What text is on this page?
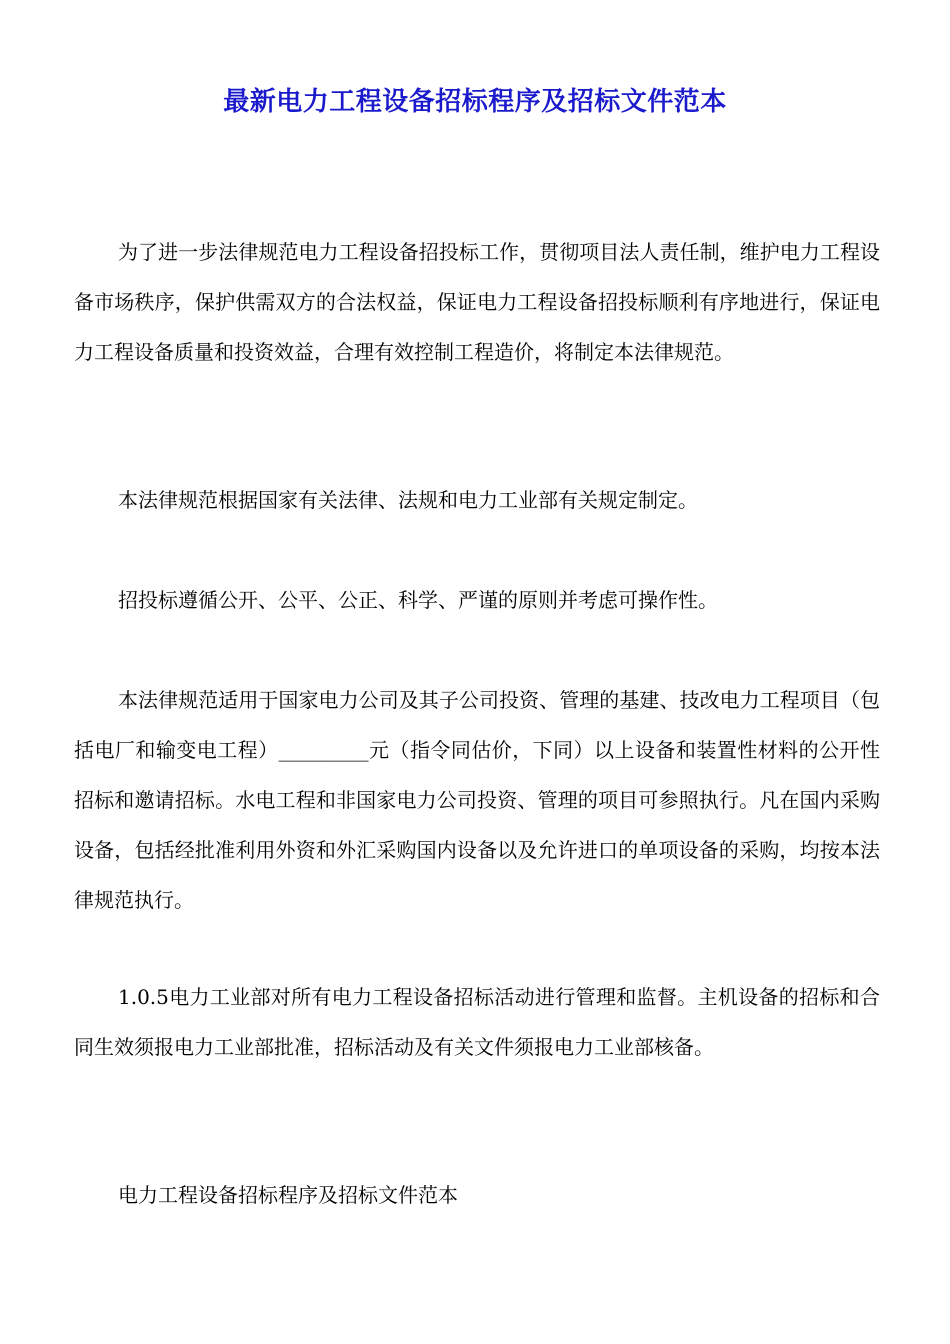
最新电力工程设备招标程序及招标文件范本

为了进一步法律规范电力工程设备招投标工作，贯彻项目法人责任制，维护电力工程设备市场秩序，保护供需双方的合法权益，保证电力工程设备招投标顺利有序地进行，保证电力工程设备质量和投资效益，合理有效控制工程造价，将制定本法律规范。

本法律规范根据国家有关法律、法规和电力工业部有关规定制定。

招投标遵循公开、公平、公正、科学、严谨的原则并考虑可操作性。

本法律规范适用于国家电力公司及其子公司投资、管理的基建、技改电力工程项目（包括电厂和输变电工程）_________元（指令同估价，下同）以上设备和装置性材料的公开性招标和邀请招标。水电工程和非国家电力公司投资、管理的项目可参照执行。凡在国内采购设备，包括经批准利用外资和外汇采购国内设备以及允许进口的单项设备的采购，均按本法律规范执行。

1.0.5电力工业部对所有电力工程设备招标活动进行管理和监督。主机设备的招标和合同生效须报电力工业部批准，招标活动及有关文件须报电力工业部核备。

电力工程设备招标程序及招标文件范本
